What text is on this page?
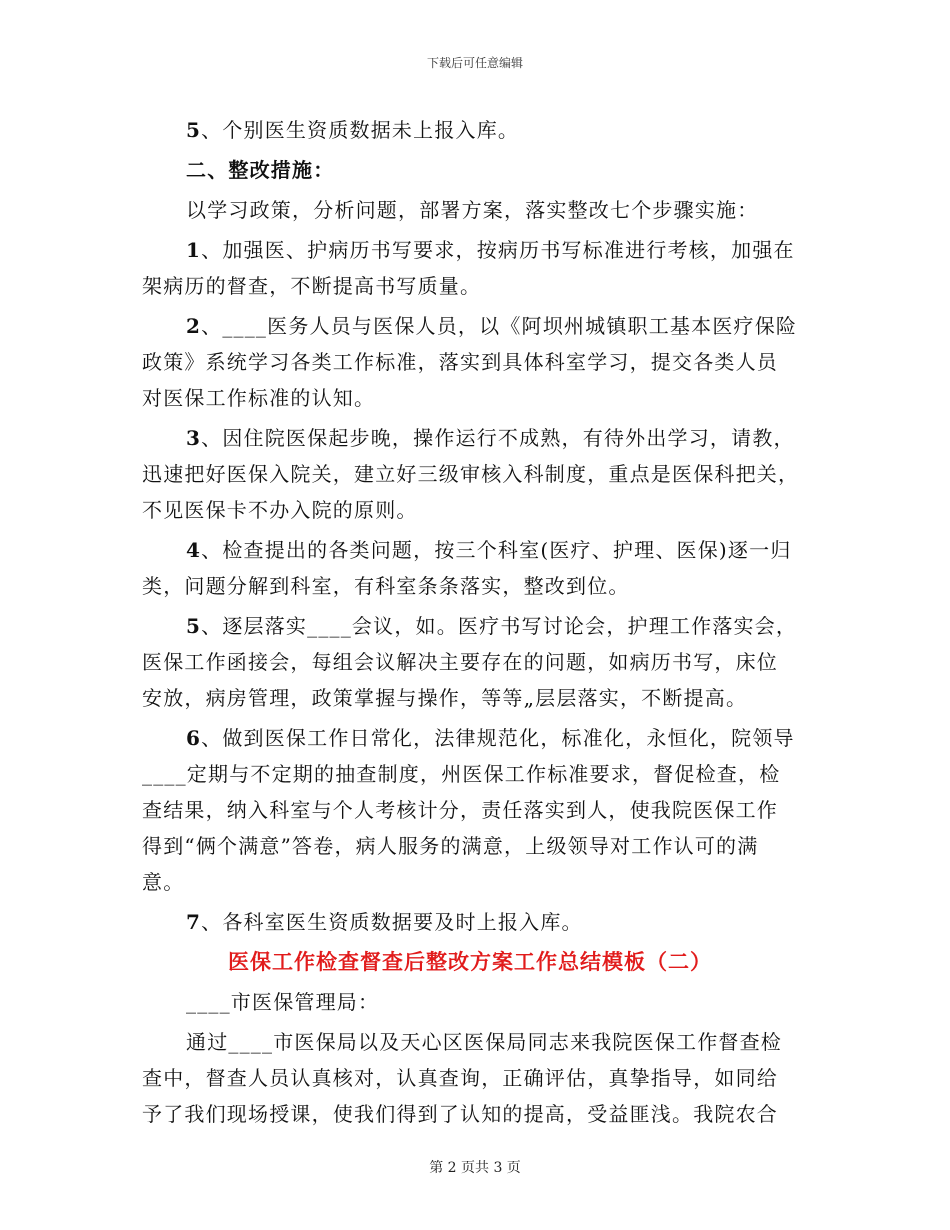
下载后可任意编辑
5、个别医生资质数据未上报入库。
二、整改措施：
以学习政策，分析问题，部署方案，落实整改七个步骤实施：
1、加强医、护病历书写要求，按病历书写标准进行考核，加强在
架病历的督查，不断提高书写质量。
2、____医务人员与医保人员，以《阿坝州城镇职工基本医疗保险
政策》系统学习各类工作标准，落实到具体科室学习，提交各类人员
对医保工作标准的认知。
3、因住院医保起步晚，操作运行不成熟，有待外出学习，请教，
迅速把好医保入院关，建立好三级审核入科制度，重点是医保科把关，
不见医保卡不办入院的原则。
4、检查提出的各类问题，按三个科室(医疗、护理、医保)逐一归
类，问题分解到科室，有科室条条落实，整改到位。
5、逐层落实____会议，如。医疗书写讨论会，护理工作落实会，
医保工作函接会，每组会议解决主要存在的问题，如病历书写，床位
安放，病房管理，政策掌握与操作，等等„层层落实，不断提高。
6、做到医保工作日常化，法律规范化，标准化，永恒化，院领导
____定期与不定期的抽查制度，州医保工作标准要求，督促检查，检
查结果，纳入科室与个人考核计分，责任落实到人，使我院医保工作
得到“俩个满意”答卷，病人服务的满意，上级领导对工作认可的满
意。
7、各科室医生资质数据要及时上报入库。
医保工作检查督查后整改方案工作总结模板（二）
____市医保管理局：
通过____市医保局以及天心区医保局同志来我院医保工作督查检
查中，督查人员认真核对，认真查询，正确评估，真挚指导，如同给
予了我们现场授课，使我们得到了认知的提高，受益匪浅。我院农合
第 2 页共 3 页
